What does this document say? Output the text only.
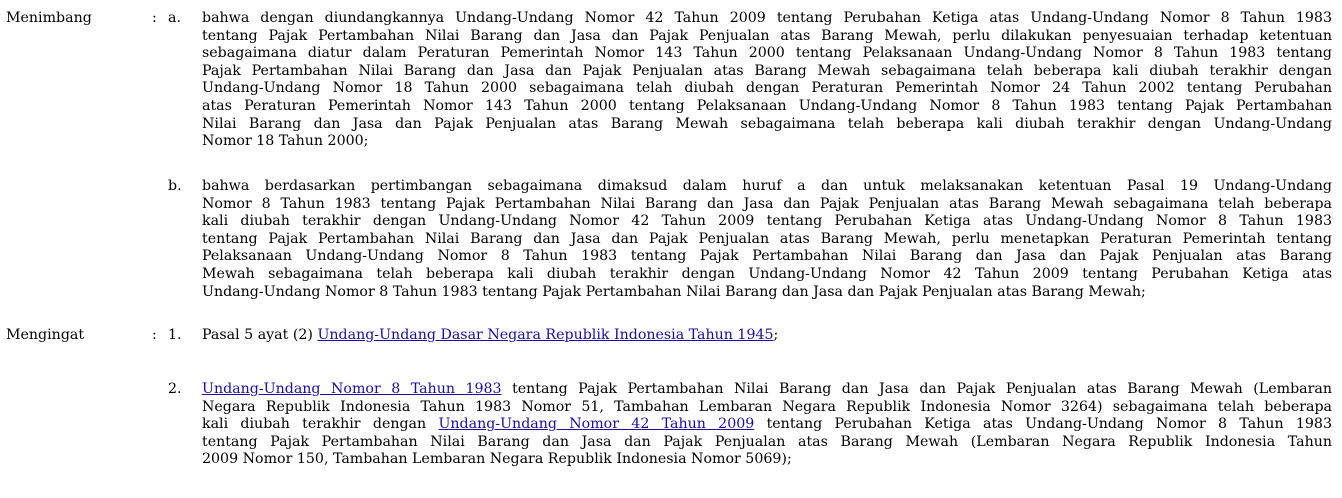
Menimbang	: a. bahwa dengan diundangkannya Undang-Undang Nomor 42 Tahun 2009 tentang Perubahan Ketiga atas Undang-Undang Nomor 8 Tahun 1983
tentang Pajak Pertambahan Nilai Barang dan Jasa dan Pajak Penjualan atas Barang Mewah, perlu dilakukan penyesuaian terhadap ketentuan
sebagaimana diatur dalam Peraturan Pemerintah Nomor 143 Tahun 2000 tentang Pelaksanaan Undang-Undang Nomor 8 Tahun 1983 tentang
Pajak Pertambahan Nilai Barang dan Jasa dan Pajak Penjualan atas Barang Mewah sebagaimana telah beberapa kali diubah terakhir dengan
Undang-Undang Nomor 18 Tahun 2000 sebagaimana telah diubah dengan Peraturan Pemerintah Nomor 24 Tahun 2002 tentang Perubahan
atas Peraturan Pemerintah Nomor 143 Tahun 2000 tentang Pelaksanaan Undang-Undang Nomor 8 Tahun 1983 tentang Pajak Pertambahan
Nilai Barang dan Jasa dan Pajak Penjualan atas Barang Mewah sebagaimana telah beberapa kali diubah terakhir dengan Undang-Undang
Nomor 18 Tahun 2000;
b. bahwa berdasarkan pertimbangan sebagaimana dimaksud dalam huruf a dan untuk melaksanakan ketentuan Pasal 19 Undang-Undang
Nomor 8 Tahun 1983 tentang Pajak Pertambahan Nilai Barang dan Jasa dan Pajak Penjualan atas Barang Mewah sebagaimana telah beberapa
kali diubah terakhir dengan Undang-Undang Nomor 42 Tahun 2009 tentang Perubahan Ketiga atas Undang-Undang Nomor 8 Tahun 1983
tentang Pajak Pertambahan Nilai Barang dan Jasa dan Pajak Penjualan atas Barang Mewah, perlu menetapkan Peraturan Pemerintah tentang
Pelaksanaan Undang-Undang Nomor 8 Tahun 1983 tentang Pajak Pertambahan Nilai Barang dan Jasa dan Pajak Penjualan atas Barang
Mewah sebagaimana telah beberapa kali diubah terakhir dengan Undang-Undang Nomor 42 Tahun 2009 tentang Perubahan Ketiga atas
Undang-Undang Nomor 8 Tahun 1983 tentang Pajak Pertambahan Nilai Barang dan Jasa dan Pajak Penjualan atas Barang Mewah;
Mengingat	: 1. Pasal 5 ayat (2) Undang-Undang Dasar Negara Republik Indonesia Tahun 1945;
2. Undang-Undang Nomor 8 Tahun 1983 tentang Pajak Pertambahan Nilai Barang dan Jasa dan Pajak Penjualan atas Barang Mewah (Lembaran
Negara Republik Indonesia Tahun 1983 Nomor 51, Tambahan Lembaran Negara Republik Indonesia Nomor 3264) sebagaimana telah beberapa
kali diubah terakhir dengan Undang-Undang Nomor 42 Tahun 2009 tentang Perubahan Ketiga atas Undang-Undang Nomor 8 Tahun 1983
tentang Pajak Pertambahan Nilai Barang dan Jasa dan Pajak Penjualan atas Barang Mewah (Lembaran Negara Republik Indonesia Tahun
2009 Nomor 150, Tambahan Lembaran Negara Republik Indonesia Nomor 5069);
